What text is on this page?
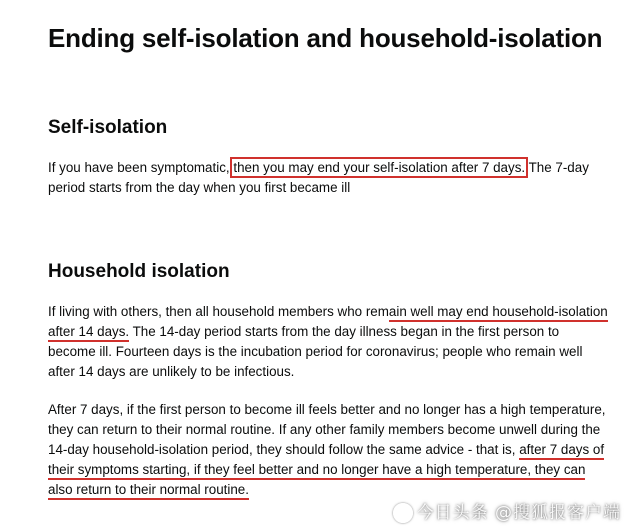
Ending self-isolation and household-isolation
Self-isolation

If you have been symptomatic, then you may end your self-isolation after 7 days. The 7-day period starts from the day when you first became ill

Household isolation

If living with others, then all household members who remain well may end household-isolation after 14 days. The 14-day period starts from the day illness began in the first person to become ill. Fourteen days is the incubation period for coronavirus; people who remain well after 14 days are unlikely to be infectious.

After 7 days, if the first person to become ill feels better and no longer has a high temperature, they can return to their normal routine. If any other family members become unwell during the 14-day household-isolation period, they should follow the same advice - that is, after 7 days of their symptoms starting, if they feel better and no longer have a high temperature, they can also return to their normal routine.

今日头条 @搜狐报客户端
